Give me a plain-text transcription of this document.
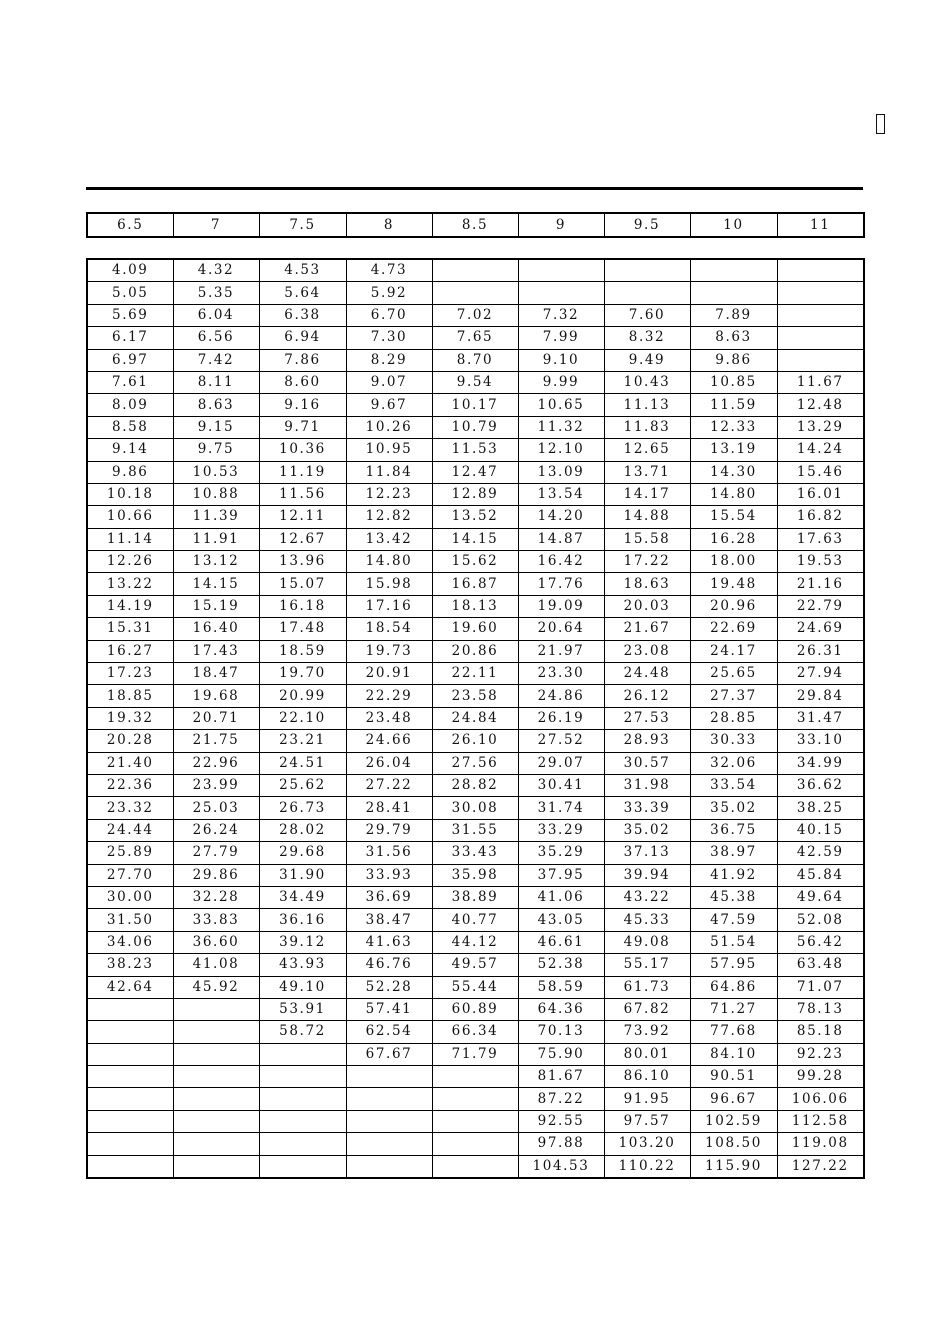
6.5	7	7.5	8	8.5	9	9.5	10	11
4.09	4.32	4.53	4.73					
5.05	5.35	5.64	5.92					
5.69	6.04	6.38	6.70	7.02	7.32	7.60	7.89	
6.17	6.56	6.94	7.30	7.65	7.99	8.32	8.63	
6.97	7.42	7.86	8.29	8.70	9.10	9.49	9.86	
7.61	8.11	8.60	9.07	9.54	9.99	10.43	10.85	11.67
8.09	8.63	9.16	9.67	10.17	10.65	11.13	11.59	12.48
8.58	9.15	9.71	10.26	10.79	11.32	11.83	12.33	13.29
9.14	9.75	10.36	10.95	11.53	12.10	12.65	13.19	14.24
9.86	10.53	11.19	11.84	12.47	13.09	13.71	14.30	15.46
10.18	10.88	11.56	12.23	12.89	13.54	14.17	14.80	16.01
10.66	11.39	12.11	12.82	13.52	14.20	14.88	15.54	16.82
11.14	11.91	12.67	13.42	14.15	14.87	15.58	16.28	17.63
12.26	13.12	13.96	14.80	15.62	16.42	17.22	18.00	19.53
13.22	14.15	15.07	15.98	16.87	17.76	18.63	19.48	21.16
14.19	15.19	16.18	17.16	18.13	19.09	20.03	20.96	22.79
15.31	16.40	17.48	18.54	19.60	20.64	21.67	22.69	24.69
16.27	17.43	18.59	19.73	20.86	21.97	23.08	24.17	26.31
17.23	18.47	19.70	20.91	22.11	23.30	24.48	25.65	27.94
18.85	19.68	20.99	22.29	23.58	24.86	26.12	27.37	29.84
19.32	20.71	22.10	23.48	24.84	26.19	27.53	28.85	31.47
20.28	21.75	23.21	24.66	26.10	27.52	28.93	30.33	33.10
21.40	22.96	24.51	26.04	27.56	29.07	30.57	32.06	34.99
22.36	23.99	25.62	27.22	28.82	30.41	31.98	33.54	36.62
23.32	25.03	26.73	28.41	30.08	31.74	33.39	35.02	38.25
24.44	26.24	28.02	29.79	31.55	33.29	35.02	36.75	40.15
25.89	27.79	29.68	31.56	33.43	35.29	37.13	38.97	42.59
27.70	29.86	31.90	33.93	35.98	37.95	39.94	41.92	45.84
30.00	32.28	34.49	36.69	38.89	41.06	43.22	45.38	49.64
31.50	33.83	36.16	38.47	40.77	43.05	45.33	47.59	52.08
34.06	36.60	39.12	41.63	44.12	46.61	49.08	51.54	56.42
38.23	41.08	43.93	46.76	49.57	52.38	55.17	57.95	63.48
42.64	45.92	49.10	52.28	55.44	58.59	61.73	64.86	71.07
		53.91	57.41	60.89	64.36	67.82	71.27	78.13
		58.72	62.54	66.34	70.13	73.92	77.68	85.18
			67.67	71.79	75.90	80.01	84.10	92.23
					81.67	86.10	90.51	99.28
					87.22	91.95	96.67	106.06
					92.55	97.57	102.59	112.58
					97.88	103.20	108.50	119.08
					104.53	110.22	115.90	127.22
